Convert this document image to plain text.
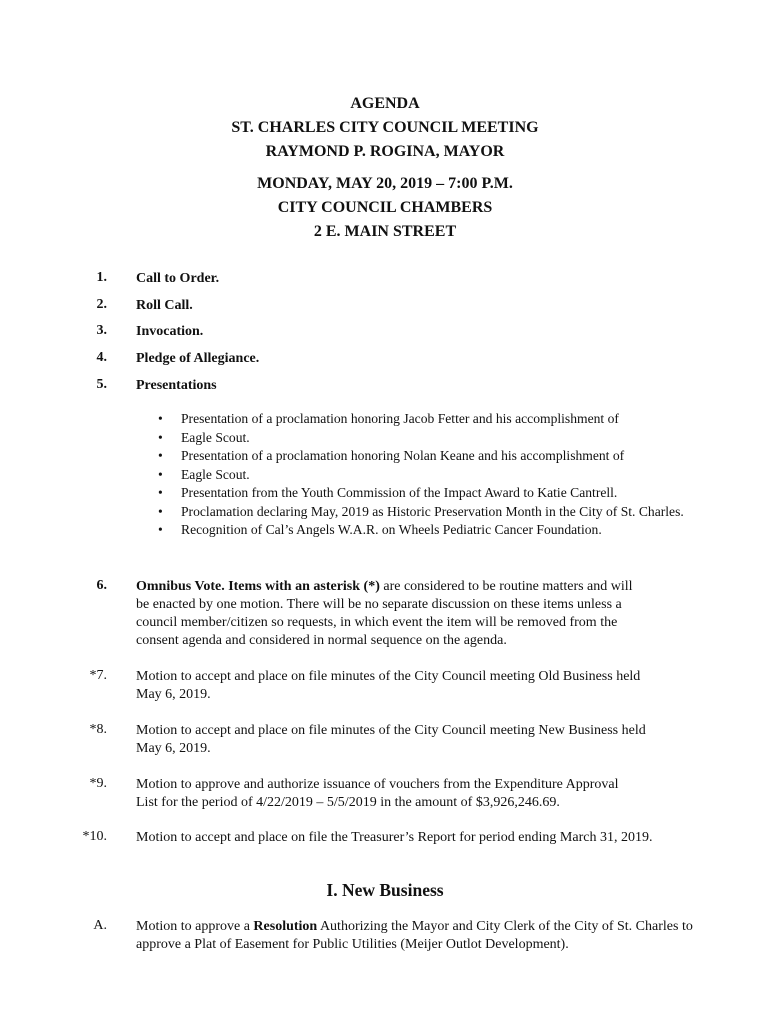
AGENDA
ST. CHARLES CITY COUNCIL MEETING
RAYMOND P. ROGINA, MAYOR
MONDAY, MAY 20, 2019 – 7:00 P.M.
CITY COUNCIL CHAMBERS
2 E. MAIN STREET
1. Call to Order.
2. Roll Call.
3. Invocation.
4. Pledge of Allegiance.
5. Presentations
• Presentation of a proclamation honoring Jacob Fetter and his accomplishment of
• Eagle Scout.
• Presentation of a proclamation honoring Nolan Keane and his accomplishment of
• Eagle Scout.
• Presentation from the Youth Commission of the Impact Award to Katie Cantrell.
• Proclamation declaring May, 2019 as Historic Preservation Month in the City of St. Charles.
• Recognition of Cal’s Angels W.A.R. on Wheels Pediatric Cancer Foundation.
6. Omnibus Vote. Items with an asterisk (*) are considered to be routine matters and will
be enacted by one motion. There will be no separate discussion on these items unless a
council member/citizen so requests, in which event the item will be removed from the
consent agenda and considered in normal sequence on the agenda.
*7. Motion to accept and place on file minutes of the City Council meeting Old Business held
May 6, 2019.
*8. Motion to accept and place on file minutes of the City Council meeting New Business held
May 6, 2019.
*9. Motion to approve and authorize issuance of vouchers from the Expenditure Approval
List for the period of 4/22/2019 – 5/5/2019 in the amount of $3,926,246.69.
*10. Motion to accept and place on file the Treasurer’s Report for period ending March 31, 2019.
I. New Business
A. Motion to approve a Resolution Authorizing the Mayor and City Clerk of the City of St. Charles to
approve a Plat of Easement for Public Utilities (Meijer Outlot Development).
